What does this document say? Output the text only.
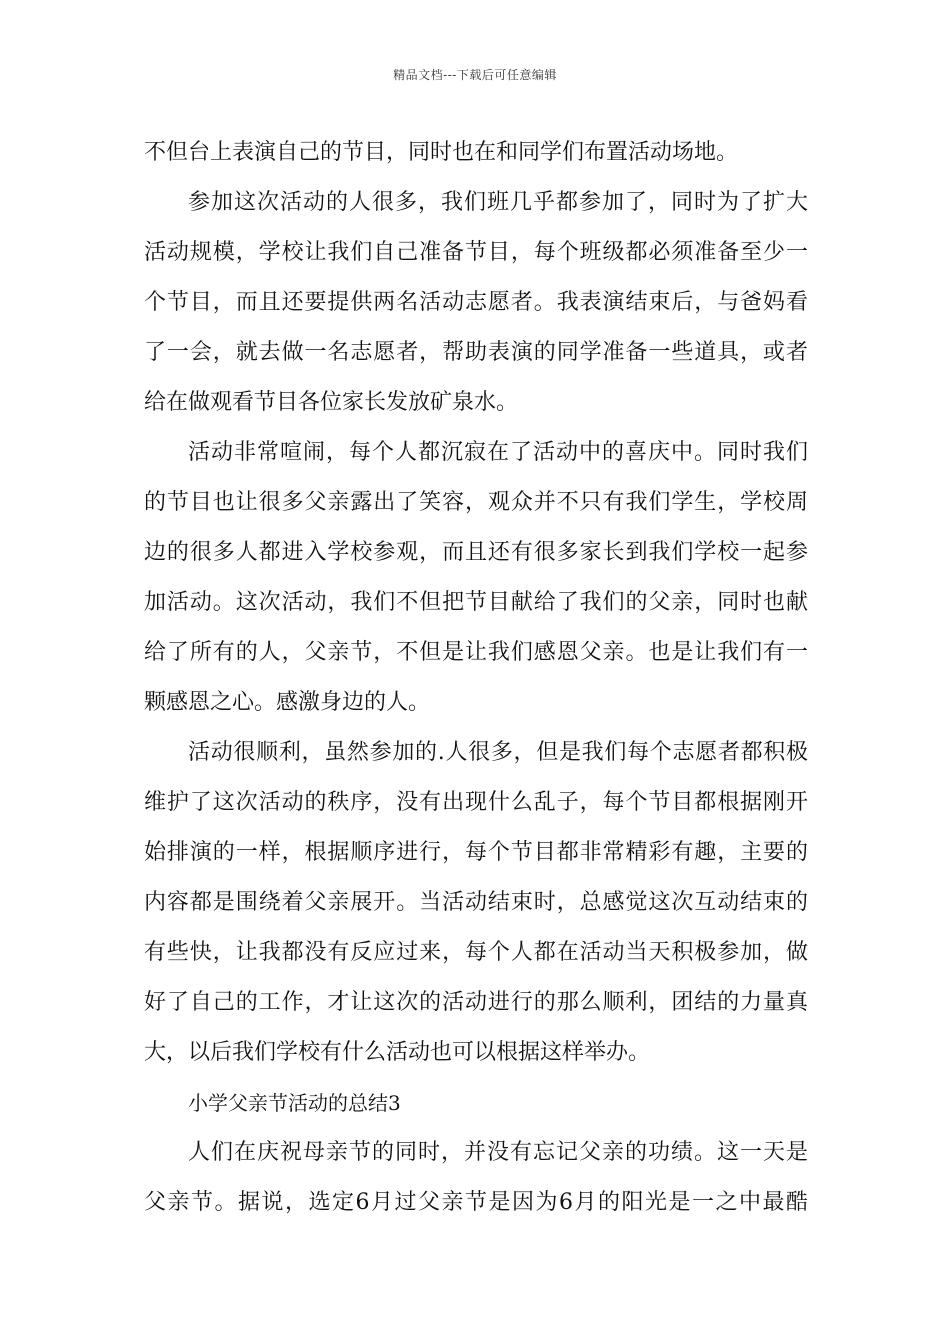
精品文档---下载后可任意编辑
不但台上表演自己的节目，同时也在和同学们布置活动场地。
参加这次活动的人很多，我们班几乎都参加了，同时为了扩大
活动规模，学校让我们自己准备节目，每个班级都必须准备至少一
个节目，而且还要提供两名活动志愿者。我表演结束后，与爸妈看
了一会，就去做一名志愿者，帮助表演的同学准备一些道具，或者
给在做观看节目各位家长发放矿泉水。
活动非常喧闹，每个人都沉寂在了活动中的喜庆中。同时我们
的节目也让很多父亲露出了笑容，观众并不只有我们学生，学校周
边的很多人都进入学校参观，而且还有很多家长到我们学校一起参
加活动。这次活动，我们不但把节目献给了我们的父亲，同时也献
给了所有的人，父亲节，不但是让我们感恩父亲。也是让我们有一
颗感恩之心。感激身边的人。
活动很顺利，虽然参加的.人很多，但是我们每个志愿者都积极
维护了这次活动的秩序，没有出现什么乱子，每个节目都根据刚开
始排演的一样，根据顺序进行，每个节目都非常精彩有趣，主要的
内容都是围绕着父亲展开。当活动结束时，总感觉这次互动结束的
有些快，让我都没有反应过来，每个人都在活动当天积极参加，做
好了自己的工作，才让这次的活动进行的那么顺利，团结的力量真
大，以后我们学校有什么活动也可以根据这样举办。
小学父亲节活动的总结3
人们在庆祝母亲节的同时，并没有忘记父亲的功绩。这一天是
父亲节。据说，选定6月过父亲节是因为6月的阳光是一之中最酷
